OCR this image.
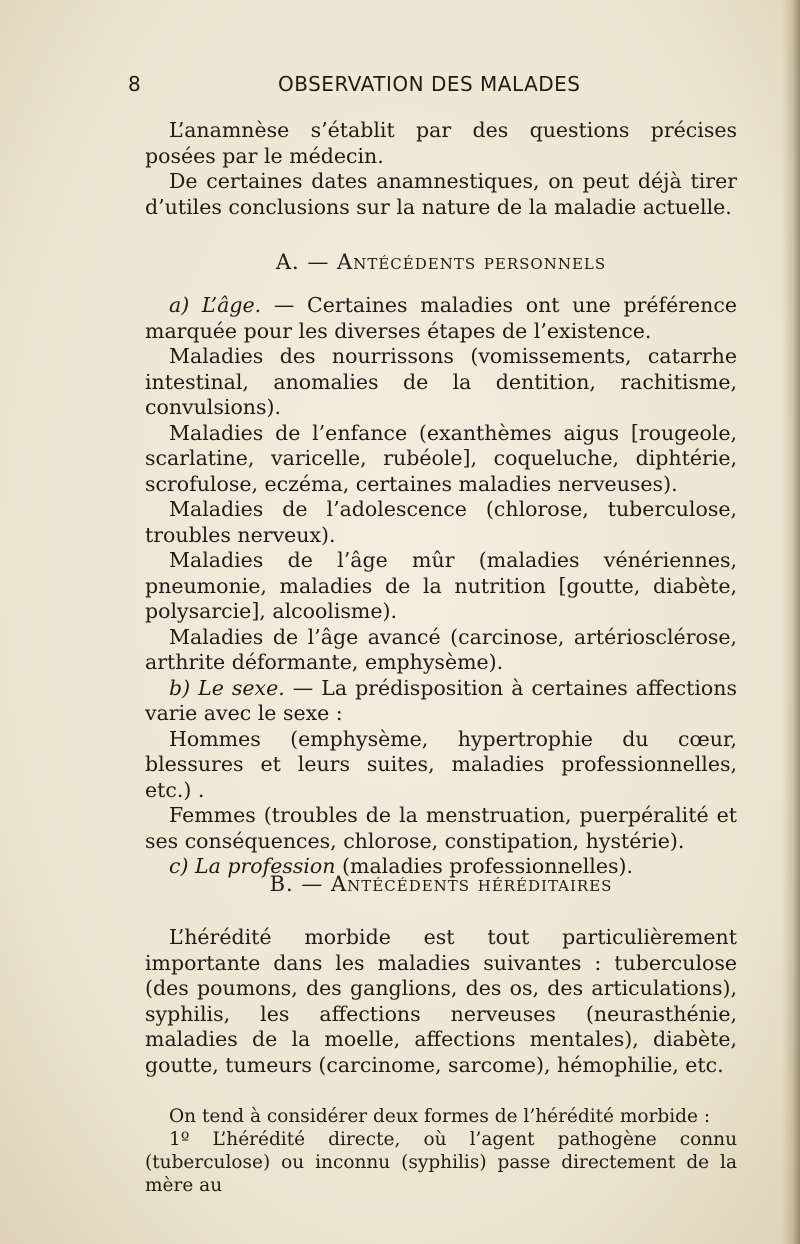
8	OBSERVATION DES MALADES

L’anamnèse s’établit par des questions précises posées par le médecin.

De certaines dates anamnestiques, on peut déjà tirer d’utiles conclusions sur la nature de la maladie actuelle.

A. — Antécédents personnels

a) L’âge. — Certaines maladies ont une préférence marquée pour les diverses étapes de l’existence.

Maladies des nourrissons (vomissements, catarrhe intestinal, anomalies de la dentition, rachitisme, convulsions).

Maladies de l’enfance (exanthèmes aigus [rougeole, scarlatine, varicelle, rubéole], coqueluche, diphtérie, scrofulose, eczéma, certaines maladies nerveuses).

Maladies de l’adolescence (chlorose, tuberculose, troubles nerveux).

Maladies de l’âge mûr (maladies vénériennes, pneumonie, maladies de la nutrition [goutte, diabète, polysarcie], alcoolisme).

Maladies de l’âge avancé (carcinose, artériosclérose, arthrite déformante, emphysème).

b) Le sexe. — La prédisposition à certaines affections varie avec le sexe :

Hommes (emphysème, hypertrophie du cœur, blessures et leurs suites, maladies professionnelles, etc.) .

Femmes (troubles de la menstruation, puerpéralité et ses conséquences, chlorose, constipation, hystérie).

c) La profession (maladies professionnelles).

B. — Antécédents héréditaires

L’hérédité morbide est tout particulièrement importante dans les maladies suivantes : tuberculose (des poumons, des ganglions, des os, des articulations), syphilis, les affections nerveuses (neurasthénie, maladies de la moelle, affections mentales), diabète, goutte, tumeurs (carcinome, sarcome), hémophilie, etc.

On tend à considérer deux formes de l’hérédité morbide :

1º L’hérédité directe, où l’agent pathogène connu (tuberculose) ou inconnu (syphilis) passe directement de la mère au
